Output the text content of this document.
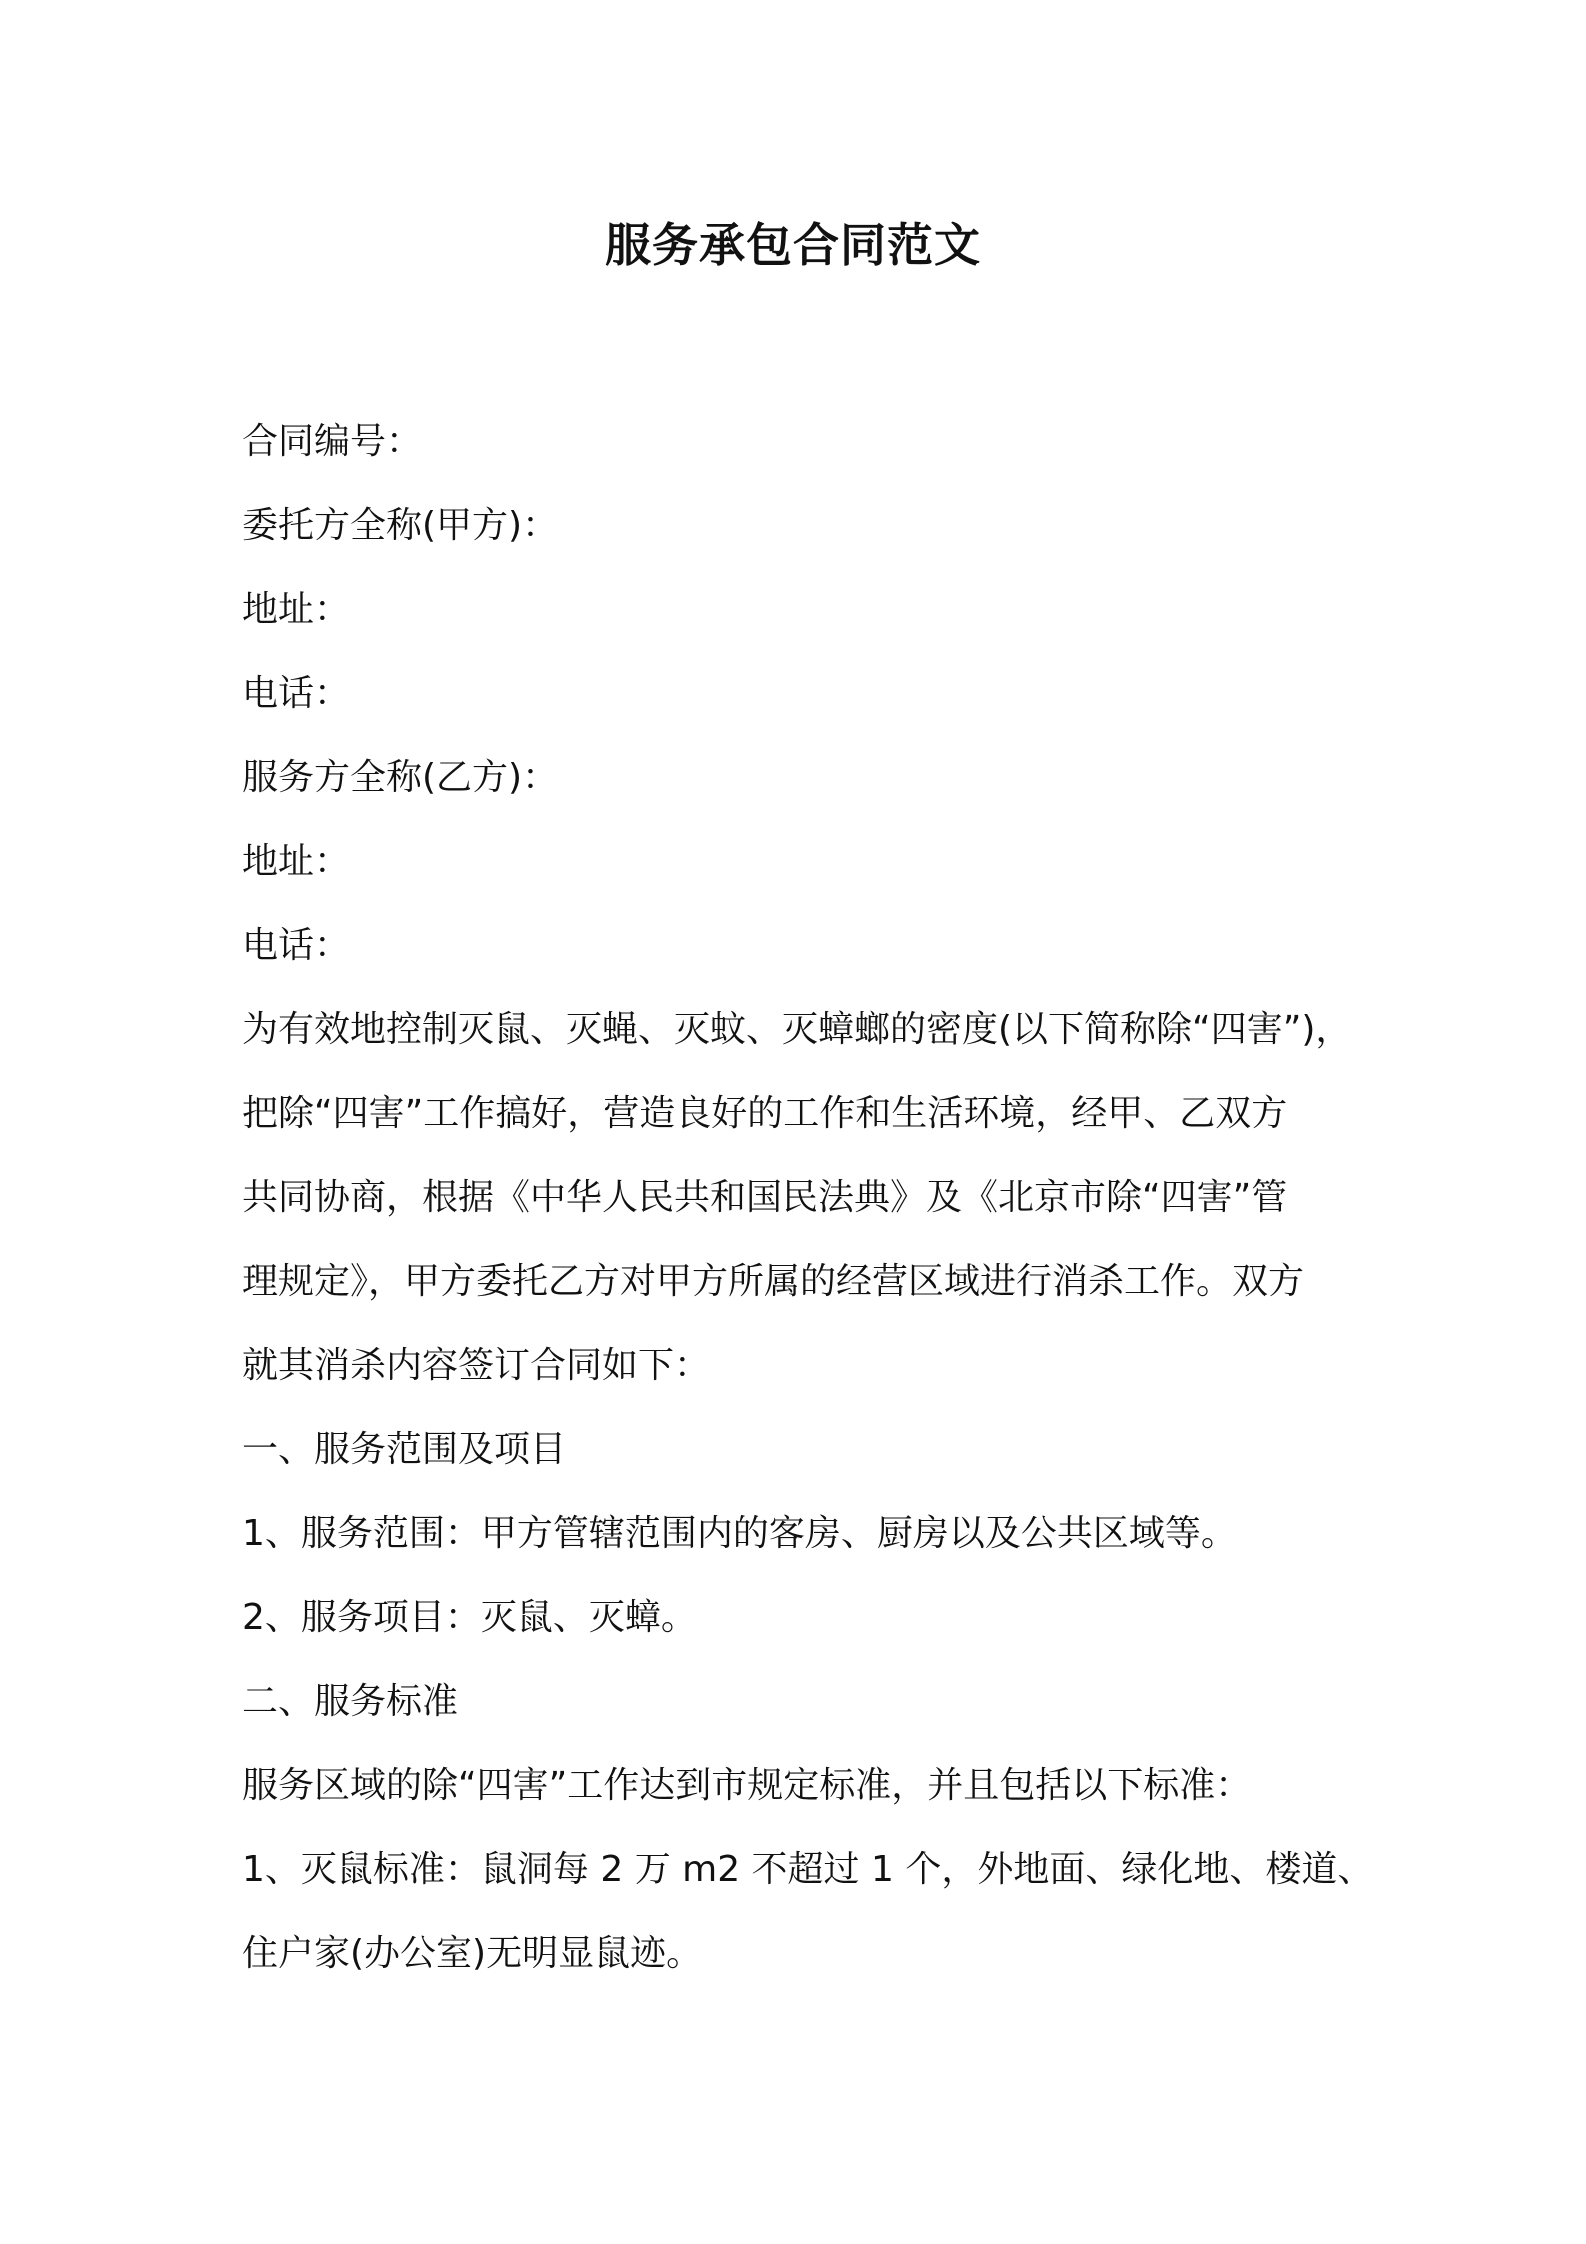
服务承包合同范文

合同编号：

委托方全称(甲方)：

地址：

电话：

服务方全称(乙方)：

地址：

电话：

为有效地控制灭鼠、灭蝇、灭蚊、灭蟑螂的密度(以下简称除“四害”)，

把除“四害”工作搞好，营造良好的工作和生活环境，经甲、乙双方

共同协商，根据《中华人民共和国民法典》及《北京市除“四害”管

理规定》，甲方委托乙方对甲方所属的经营区域进行消杀工作。双方

就其消杀内容签订合同如下：

一、服务范围及项目

1、服务范围：甲方管辖范围内的客房、厨房以及公共区域等。

2、服务项目：灭鼠、灭蟑。

二、服务标准

服务区域的除“四害”工作达到市规定标准，并且包括以下标准：

1、灭鼠标准：鼠洞每 2 万 m2 不超过 1 个，外地面、绿化地、楼道、

住户家(办公室)无明显鼠迹。
